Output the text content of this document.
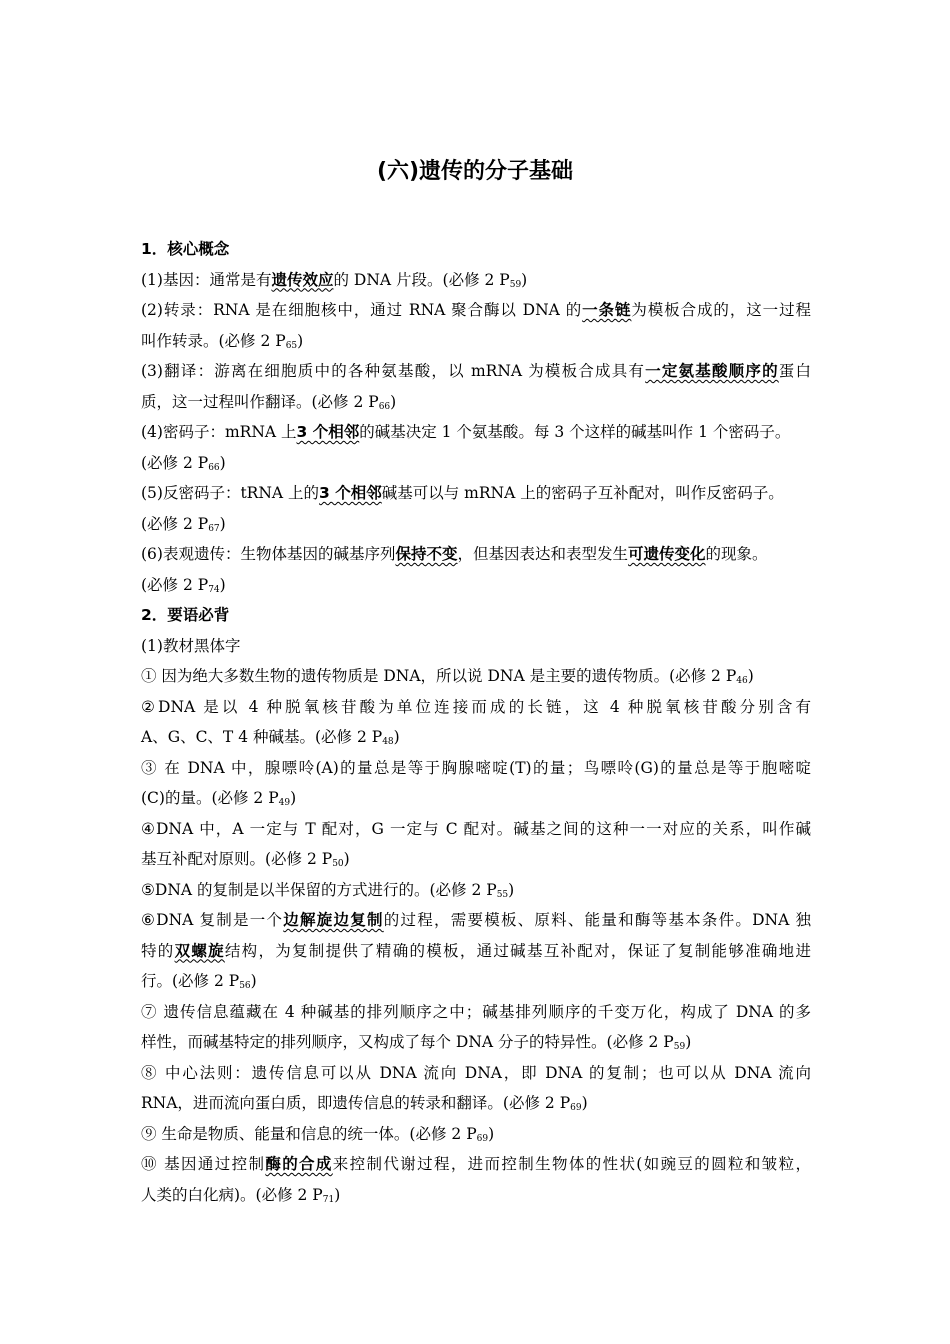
(六)遗传的分子基础
1．核心概念
(1)基因：通常是有遗传效应的 DNA 片段。(必修 2 $P_{59}$)
(2)转录：RNA 是在细胞核中，通过 RNA 聚合酶以 DNA 的一条链为模板合成的，这一过程
叫作转录。(必修 2 $P_{65}$)
(3)翻译：游离在细胞质中的各种氨基酸，以 mRNA 为模板合成具有一定氨基酸顺序的蛋白
质，这一过程叫作翻译。(必修 2 $P_{66}$)
(4)密码子：mRNA 上3 个相邻的碱基决定 1 个氨基酸。每 3 个这样的碱基叫作 1 个密码子。
(必修 2 $P_{66}$)
(5)反密码子：tRNA 上的3 个相邻碱基可以与 mRNA 上的密码子互补配对，叫作反密码子。
(必修 2 $P_{67}$)
(6)表观遗传：生物体基因的碱基序列保持不变，但基因表达和表型发生可遗传变化的现象。
(必修 2 $P_{74}$)
2．要语必背
(1)教材黑体字
① 因为绝大多数生物的遗传物质是 DNA，所以说 DNA 是主要的遗传物质。(必修 2 $P_{46}$)
②DNA 是以 4 种脱氧核苷酸为单位连接而成的长链，这 4 种脱氧核苷酸分别含有
A、G、C、T 4 种碱基。(必修 2 $P_{48}$)
③ 在 DNA 中，腺嘌呤(A)的量总是等于胸腺嘧啶(T)的量；鸟嘌呤(G)的量总是等于胞嘧啶
(C)的量。(必修 2 $P_{49}$)
④DNA 中，A 一定与 T 配对，G 一定与 C 配对。碱基之间的这种一一对应的关系，叫作碱
基互补配对原则。(必修 2 $P_{50}$)
⑤DNA 的复制是以半保留的方式进行的。(必修 2 $P_{55}$)
⑥DNA 复制是一个边解旋边复制的过程，需要模板、原料、能量和酶等基本条件。DNA 独
特的双螺旋结构，为复制提供了精确的模板，通过碱基互补配对，保证了复制能够准确地进
行。(必修 2 $P_{56}$)
⑦ 遗传信息蕴藏在 4 种碱基的排列顺序之中；碱基排列顺序的千变万化，构成了 DNA 的多
样性，而碱基特定的排列顺序，又构成了每个 DNA 分子的特异性。(必修 2 $P_{59}$)
⑧ 中心法则：遗传信息可以从 DNA 流向 DNA，即 DNA 的复制；也可以从 DNA 流向
RNA，进而流向蛋白质，即遗传信息的转录和翻译。(必修 2 $P_{69}$)
⑨ 生命是物质、能量和信息的统一体。(必修 2 $P_{69}$)
⑩ 基因通过控制酶的合成来控制代谢过程，进而控制生物体的性状(如豌豆的圆粒和皱粒，
人类的白化病)。(必修 2 $P_{71}$)
